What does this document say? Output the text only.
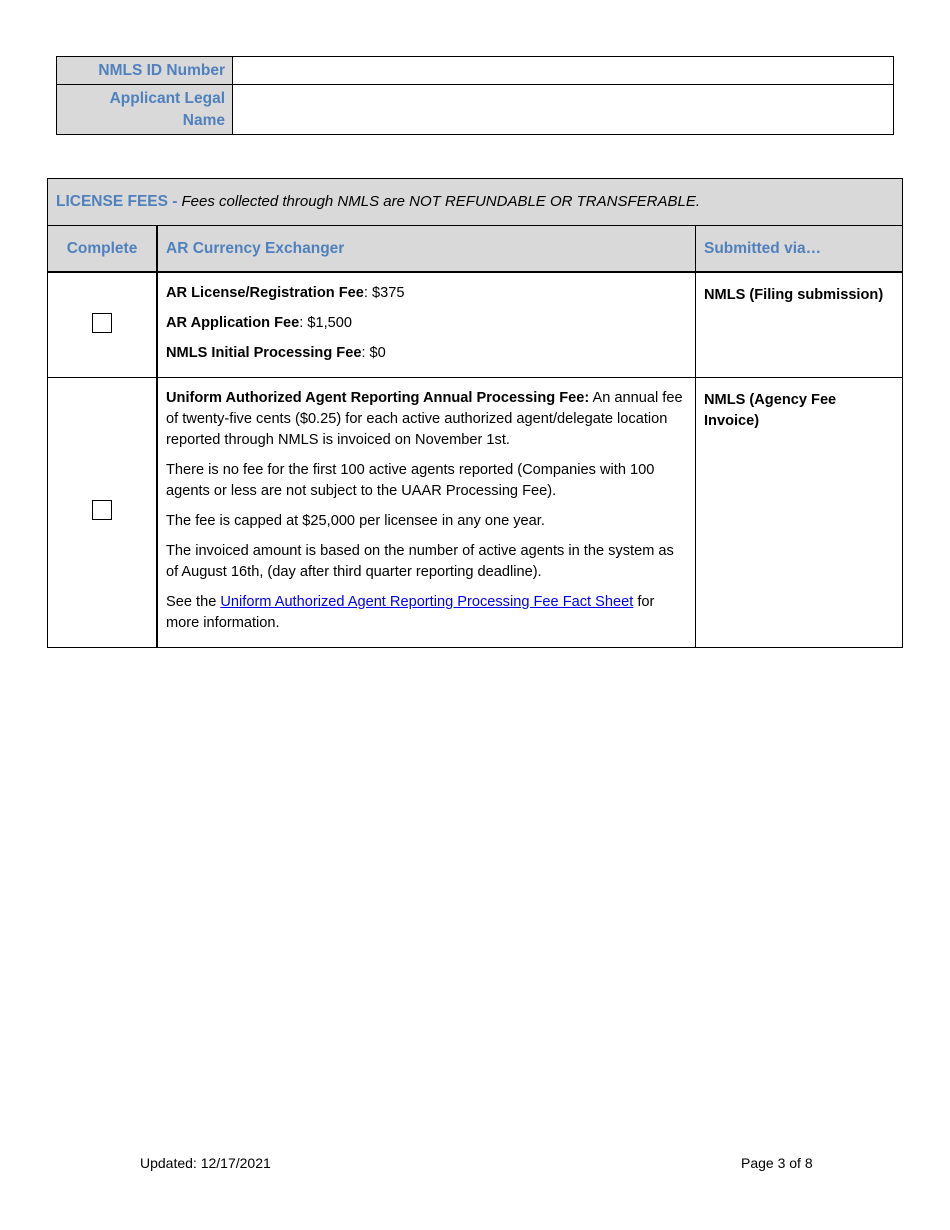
NMLS ID Number	
Applicant Legal Name	
LICENSE FEES - Fees collected through NMLS are NOT REFUNDABLE OR TRANSFERABLE.		
Complete	AR Currency Exchanger	Submitted via…

	AR License/Registration Fee: $375

AR Application Fee: $1,500

NMLS Initial Processing Fee: $0	NMLS (Filing submission)

	Uniform Authorized Agent Reporting Annual Processing Fee: An annual fee of twenty-five cents ($0.25) for each active authorized agent/delegate location reported through NMLS is invoiced on November 1st.

There is no fee for the first 100 active agents reported (Companies with 100 agents or less are not subject to the UAAR Processing Fee).

The fee is capped at $25,000 per licensee in any one year.

The invoiced amount is based on the number of active agents in the system as of August 16th, (day after third quarter reporting deadline).

See the Uniform Authorized Agent Reporting Processing Fee Fact Sheet for more information.	NMLS (Agency Fee Invoice)
Updated: 12/17/2021	Page 3 of 8
